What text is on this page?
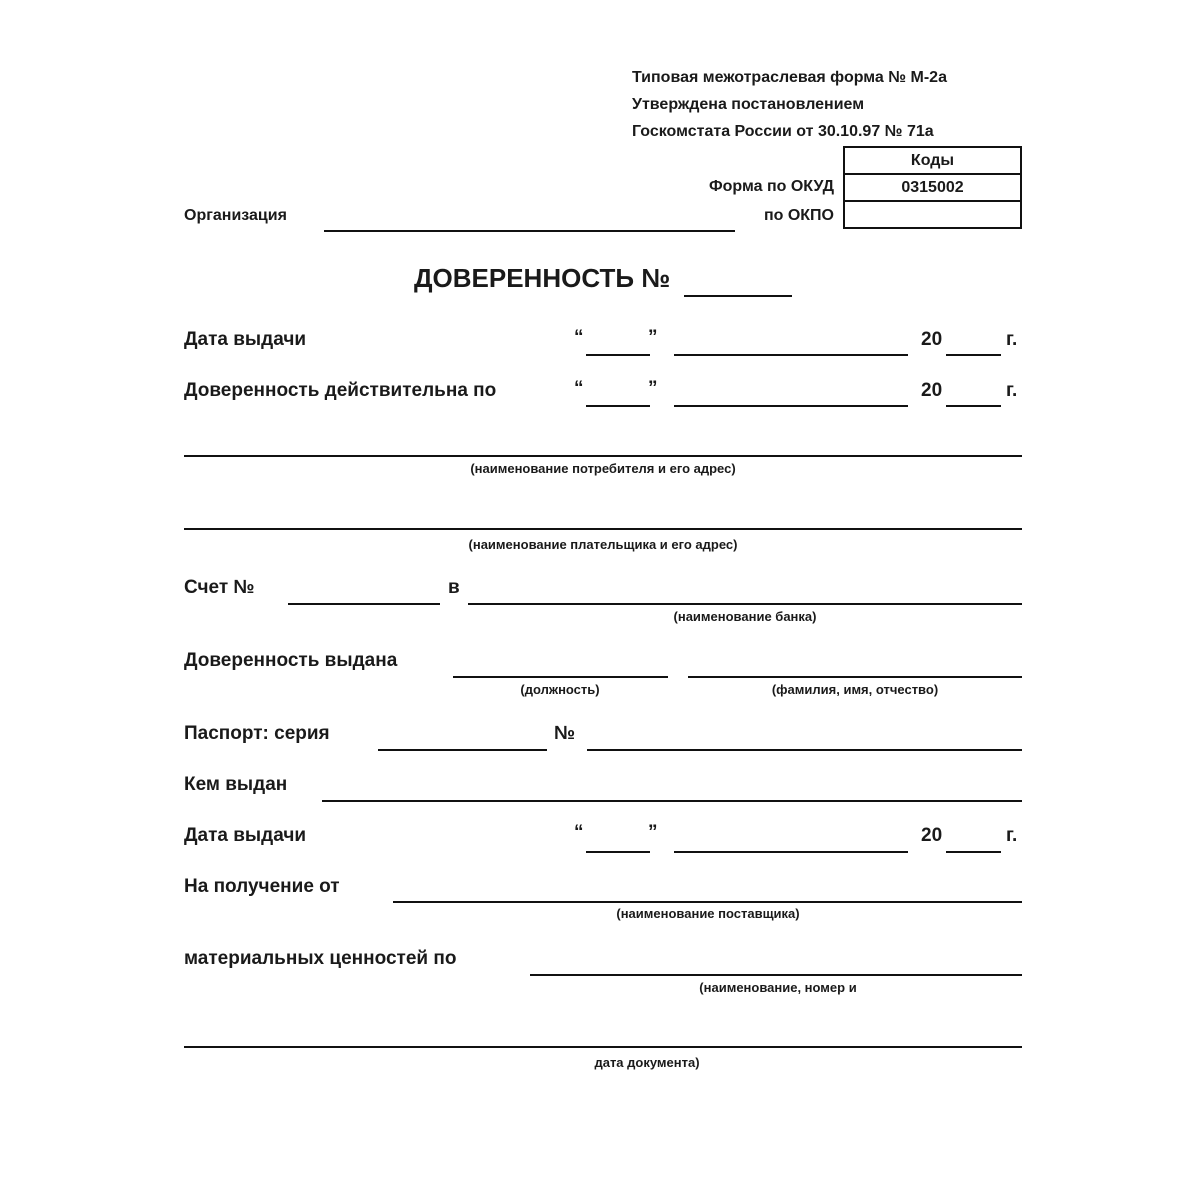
Типовая межотраслевая форма № М-2а
Утверждена постановлением
Госкомстата России от 30.10.97 № 71а
Коды
0315002

Форма по ОКУД
по ОКПО
Организация
ДОВЕРЕННОСТЬ №
Дата выдачи	“	”	20	г.
Доверенность действительна по	“	”	20	г.
(наименование потребителя и его адрес)
(наименование плательщика и его адрес)
Счет №	в
(наименование банка)
Доверенность выдана
(должность)	(фамилия, имя, отчество)
Паспорт: серия	№
Кем выдан
Дата выдачи	“	”	20	г.
На получение от
(наименование поставщика)
материальных ценностей по
(наименование, номер и
дата документа)
